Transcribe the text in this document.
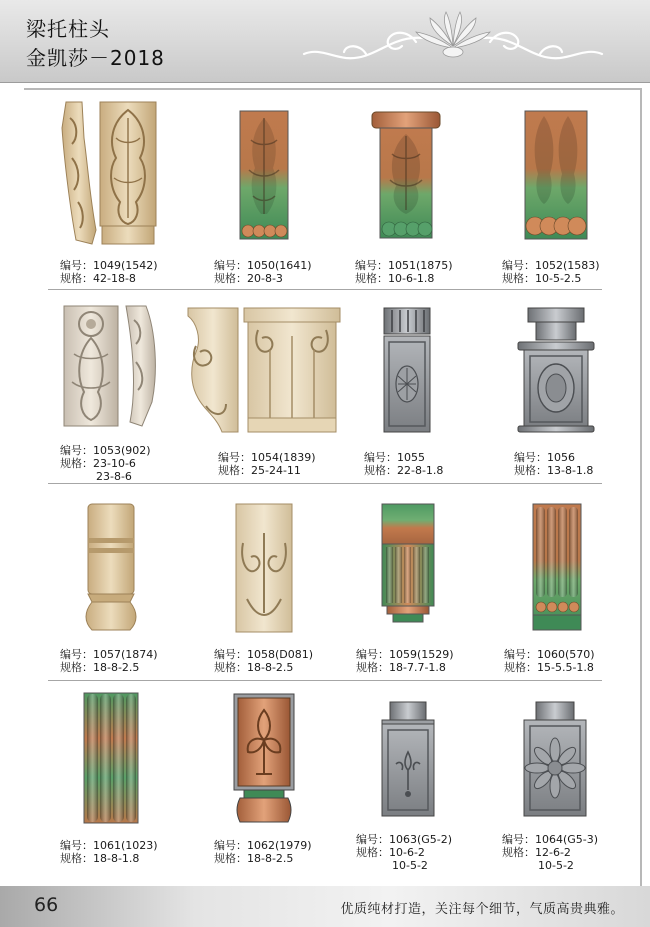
梁托柱头
金凯莎－2018
编号：1049(1542)
规格：42-18-8
编号：1050(1641)
规格：20-8-3
编号：1051(1875)
规格：10-6-1.8
编号：1052(1583)
规格：10-5-2.5
编号：1053(902)
规格：23-10-6
23-8-6
编号：1054(1839)
规格：25-24-11
编号：1055
规格：22-8-1.8
编号：1056
规格：13-8-1.8
编号：1057(1874)
规格：18-8-2.5
编号：1058(D081)
规格：18-8-2.5
编号：1059(1529)
规格：18-7.7-1.8
编号：1060(570)
规格：15-5.5-1.8
编号：1061(1023)
规格：18-8-1.8
编号：1062(1979)
规格：18-8-2.5
编号：1063(G5-2)
规格：10-6-2
10-5-2
编号：1064(G5-3)
规格：12-6-2
10-5-2
66	优质纯材打造，关注每个细节，气质高贵典雅。
